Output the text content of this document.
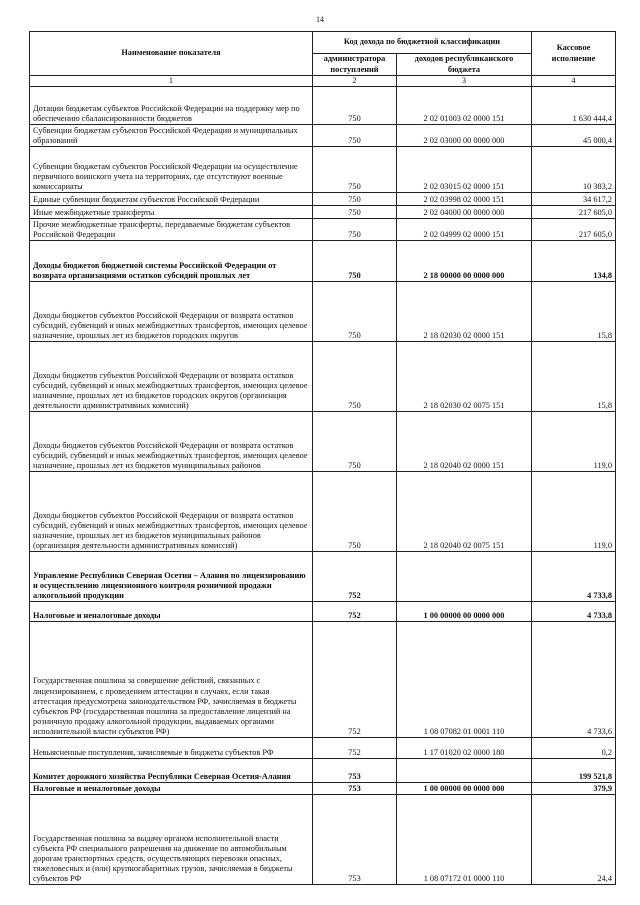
14
Наименование показателя	Код дохода по бюджетной классификации		Кассовое исполнение
	администратора поступлений	доходов республиканского бюджета	
1	2	3	4
Дотации бюджетам субъектов Российской Федерации на поддержку мер по обеспечению сбалансированности бюджетов	750	2 02 01003 02 0000 151	1 630 444,4
Субвенции бюджетам субъектов Российской Федерации и муниципальных образований	750	2 02 03000 00 0000 000	45 000,4
Субвенции бюджетам субъектов Российской Федерации на осуществление первичного воинского учета на территориях, где отсутствуют военные комиссариаты	750	2 02 03015 02 0000 151	10 383,2
Единые субвенции бюджетам субъектов Российской Федерации	750	2 02 03998 02 0000 151	34 617,2
Иные межбюджетные трансферты	750	2 02 04000 00 0000 000	217 605,0
Прочие межбюджетные трансферты, передаваемые бюджетам субъектов Российской Федерации	750	2 02 04999 02 0000 151	217 605,0
Доходы бюджетов бюджетной системы Российской Федерации от возврата организациями остатков субсидий прошлых лет	750	2 18 00000 00 0000 000	134,8
Доходы бюджетов субъектов Российской Федерации от возврата остатков субсидий, субвенций и иных межбюджетных трансфертов, имеющих целевое назначение, прошлых лет из бюджетов городских округов	750	2 18 02030 02 0000 151	15,8
Доходы бюджетов субъектов Российской Федерации от возврата остатков субсидий, субвенций и иных межбюджетных трансфертов, имеющих целевое назначение, прошлых лет из бюджетов городских округов (организация деятельности административных комиссий)	750	2 18 02030 02 0075 151	15,8
Доходы бюджетов субъектов Российской Федерации от возврата остатков субсидий, субвенций и иных межбюджетных трансфертов, имеющих целевое назначение, прошлых лет из бюджетов муниципальных районов	750	2 18 02040 02 0000 151	119,0
Доходы бюджетов субъектов Российской Федерации от возврата остатков субсидий, субвенций и иных межбюджетных трансфертов, имеющих целевое назначение, прошлых лет из бюджетов муниципальных районов (организация деятельности административных комиссий)	750	2 18 02040 02 0075 151	119,0
Управление Республики Северная Осетия – Алания по лицензированию и осуществлению лицензионного контроля розничной продажи алкогольной продукции	752		4 733,8
Налоговые и неналоговые доходы	752	1 00 00000 00 0000 000	4 733,8
Государственная пошлина за совершение действий, связанных с лицензированием, с проведением аттестации в случаях, если такая аттестация предусмотрена законодательством РФ, зачисляемая в бюджеты субъектов РФ (государственная пошлина за предоставление лицензий на розничную продажу алкогольной продукции, выдаваемых органами исполнительной власти субъектов РФ)	752	1 08 07082 01 0001 110	4 733,6
Невыясненные поступления, зачисляемые в бюджеты субъектов РФ	752	1 17 01020 02 0000 180	0,2
Комитет дорожного хозяйства Республики Северная Осетия-Алания	753		199 521,8
Налоговые и неналоговые доходы	753	1 00 00000 00 0000 000	379,9
Государственная пошлина за выдачу органом исполнительной власти субъекта РФ специального разрешения на движение по автомобильным дорогам транспортных средств, осуществляющих перевозки опасных, тяжеловесных и (или) крупногабаритных грузов, зачисляемая в бюджеты субъектов РФ	753	1 08 07172 01 0000 110	24,4
